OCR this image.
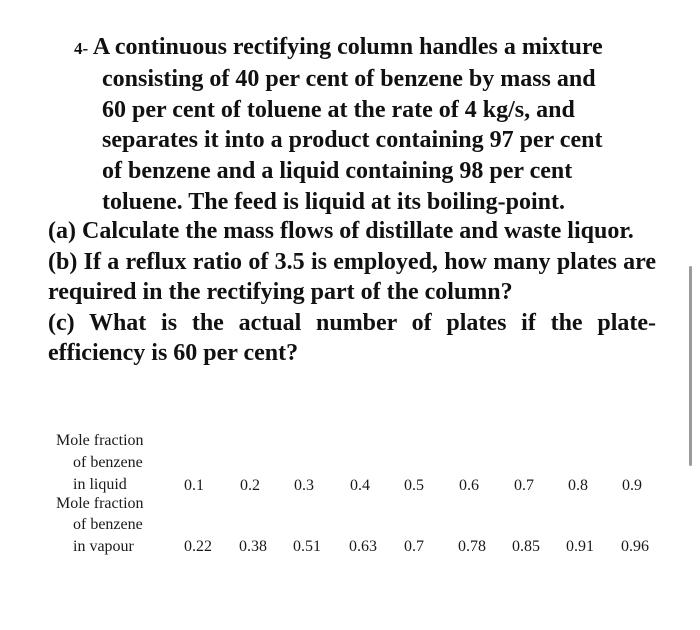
4- A continuous rectifying column handles a mixture
consisting of 40 per cent of benzene by mass and
60 per cent of toluene at the rate of 4 kg/s, and
separates it into a product containing 97 per cent
of benzene and a liquid containing 98 per cent
toluene. The feed is liquid at its boiling-point.

(a) Calculate the mass flows of distillate and waste liquor.

(b) If a reflux ratio of 3.5 is employed, how many plates are required in the rectifying part of the column?

(c) What is the actual number of plates if the plate-efficiency is 60 per cent?

Mole fraction
of benzene
in liquid	0.1 0.2 0.3 0.4 0.5 0.6 0.7 0.8 0.9
Mole fraction
of benzene
in vapour	0.22 0.38 0.51 0.63 0.7 0.78 0.85 0.91 0.96
